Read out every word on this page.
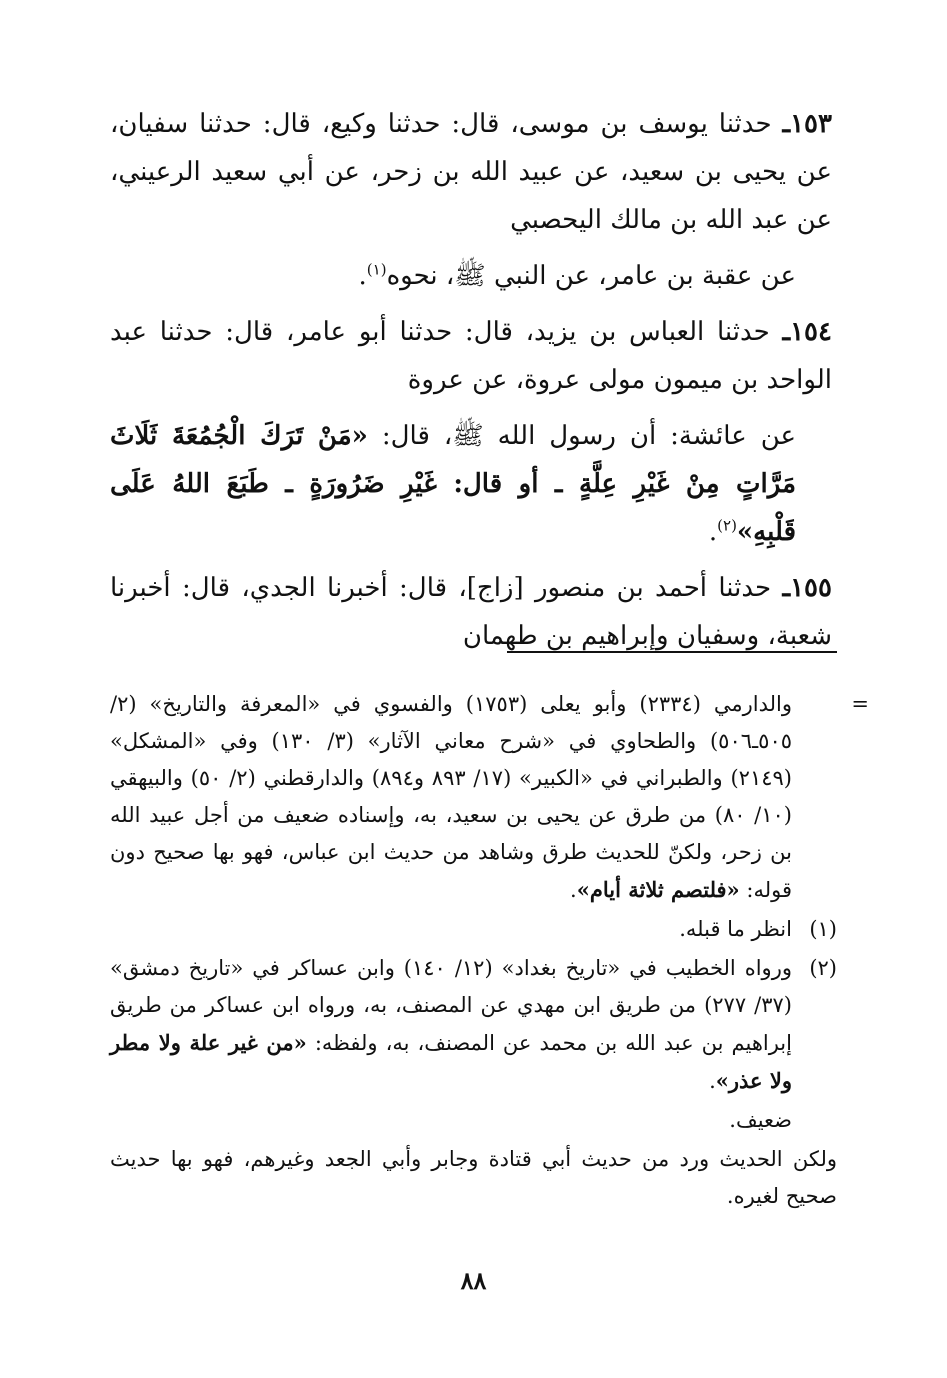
١٥٣ـ حدثنا يوسف بن موسى، قال: حدثنا وكيع، قال: حدثنا سفيان، عن يحيى بن سعيد، عن عبيد الله بن زحر، عن أبي سعيد الرعيني، عن عبد الله بن مالك اليحصبي

عن عقبة بن عامر، عن النبي ﷺ، نحوه$^{(١)}$.

١٥٤ـ حدثنا العباس بن يزيد، قال: حدثنا أبو عامر، قال: حدثنا عبد الواحد بن ميمون مولى عروة، عن عروة

عن عائشة: أن رسول الله ﷺ، قال: «مَنْ تَرَكَ الْجُمُعَةَ ثَلَاثَ مَرَّاتٍ مِنْ غَيْرِ عِلَّةٍ ـ أو قال: غَيْرِ ضَرُورَةٍ ـ طَبَعَ اللهُ عَلَى قَلْبِهِ»$^{(٢)}$.

١٥٥ـ حدثنا أحمد بن منصور [زاج]، قال: أخبرنا الجدي، قال: أخبرنا شعبة، وسفيان وإبراهيم بن طهمان

=
والدارمي (٢٣٣٤) وأبو يعلى (١٧٥٣) والفسوي في «المعرفة والتاريخ» (٢/ ٥٠٥ـ٥٠٦) والطحاوي في «شرح معاني الآثار» (٣/ ١٣٠) وفي «المشكل» (٢١٤٩) والطبراني في «الكبير» (١٧/ ٨٩٣ و٨٩٤) والدارقطني (٢/ ٥٠) والبيهقي (١٠/ ٨٠) من طرق عن يحيى بن سعيد، به، وإسناده ضعيف من أجل عبيد الله بن زحر، ولكنّ للحديث طرق وشاهد من حديث ابن عباس، فهو بها صحيح دون قوله: «فلتصم ثلاثة أيام».

(١)
انظر ما قبله.

(٢)
ورواه الخطيب في «تاريخ بغداد» (١٢/ ١٤٠) وابن عساكر في «تاريخ دمشق» (٣٧/ ٢٧٧) من طريق ابن مهدي عن المصنف، به، ورواه ابن عساكر من طريق إبراهيم بن عبد الله بن محمد عن المصنف، به، ولفظه: «من غير علة ولا مطر ولا عذر».

ضعيف.

ولكن الحديث ورد من حديث أبي قتادة وجابر وأبي الجعد وغيرهم، فهو بها حديث صحيح لغيره.

٨٨
